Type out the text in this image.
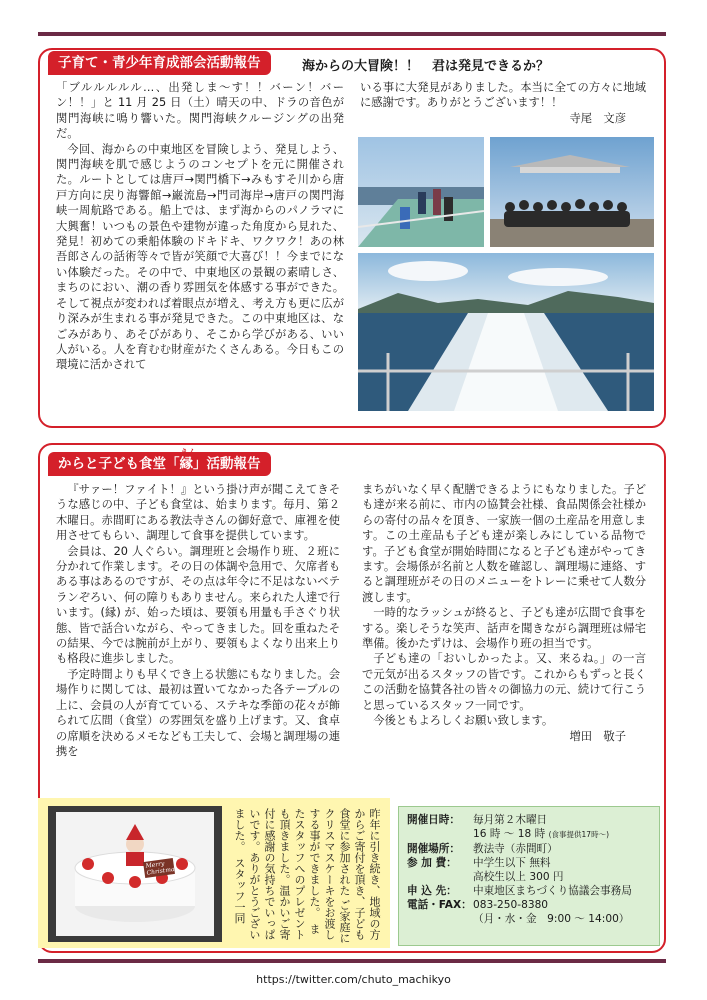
子育て・青少年育成部会活動報告	海からの大冒険！！　君は発見できるか？

「ブルルルルル…、出発しま〜す！！バーン！バーン！！」と 11 月 25 日（土）晴天の中、ドラの音色が関門海峡に鳴り響いた。関門海峡クルージングの出発だ。

今回、海からの中東地区を冒険しよう、発見しよう、関門海峡を肌で感じようのコンセプトを元に開催された。ルートとしては唐戸→関門橋下→みもすそ川から唐戸方向に戻り海響館→巌流島→門司海岸→唐戸の関門海峡一周航路である。船上では、まず海からのパノラマに大興奮！いつもの景色や建物が違った角度から見れた、発見！初めての乗船体験のドキドキ、ワクワク！あの林吾郎さんの話術等々で皆が笑顔で大喜び！！今までにない体験だった。その中で、中東地区の景観の素晴しさ、まちのにおい、潮の香り雰囲気を体感する事ができた。そして視点が変われば着眼点が増え、考え方も更に広がり深みが生まれる事が発見できた。この中東地区は、なごみがあり、あそびがあり、そこから学びがある、いい人がいる。人を育むむ財産がたくさんある。今日もこの環境に活かされて

いる事に大発見がありました。本当に全ての方々に地域に感謝です。ありがとうございます！！

寺尾　文彦
からと子ども食堂「
えん
縁」活動報告

『サァー！ファイト！』という掛け声が聞こえてきそうな感じの中、子ども食堂は、始まります。毎月、第２木曜日。赤間町にある教法寺さんの御好意で、庫裡を使用させてもらい、調理して食事を提供しています。

会員は、20 人ぐらい。調理班と会場作り班、２班に分かれて作業します。その日の体調や急用で、欠席者もある事はあるのですが、その点は年令に不足はないベテランぞろい、何の障りもありません。来られた人達で行います。(縁) が、始った頃は、要領も用量も手さぐり状態、皆で話合いながら、やってきました。回を重ねたその結果、今では腕前が上がり、要領もよくなり出来上りも格段に進歩しました。

予定時間よりも早くでき上る状態にもなりました。会場作りに関しては、最初は置いてなかった各テーブルの上に、会員の人が育てている、ステキな季節の花々が飾られて広間（食堂）の雰囲気を盛り上げます。又、食卓の席順を決めるメモなども工夫して、会場と調理場の連携を

まちがいなく早く配膳できるようにもなりました。子ども達が来る前に、市内の協賛会社様、食品関係会社様からの寄付の品々を頂き、一家族一個の土産品を用意します。この土産品も子ども達が楽しみにしている品物です。子ども食堂が開始時間になると子ども達がやってきます。会場係が名前と人数を確認し、調理場に連絡、すると調理班がその日のメニューをトレーに乗せて人数分渡します。

一時的なラッシュが終ると、子ども達が広間で食事をする。楽しそうな笑声、話声を聞きながら調理班は帰宅準備。後かたずけは、会場作り班の担当です。

子ども達の「おいしかったよ。又、来るね。」の一言で元気が出るスタッフの皆です。これからもずっと長くこの活動を協賛各社の皆々の御協力の元、続けて行こうと思っているスタッフ一同です。

今後ともよろしくお願い致します。

増田　敬子
Merry Christmas	昨年に引き続き、地域の方からご寄付を頂き、子ども食堂に参加された ご家庭にクリスマスケーキをお渡しする事ができました。　またスタッフへのプレゼントも頂きました。温かいご寄付に感謝の気持ちでいっぱいです。ありがとうございました。　スタッフ一同	開催日時：	毎月第２木曜日
16 時 〜 18 時 (食事提供17時〜)
開催場所：	教法寺（赤間町）
参 加 費：	中学生以下 無料
高校生以上 300 円
申 込 先：	中東地区まちづくり協議会事務局
電話・FAX： 083-250-8380
（月・水・金　9:00 〜 14:00）
https://twitter.com/chuto_machikyo
